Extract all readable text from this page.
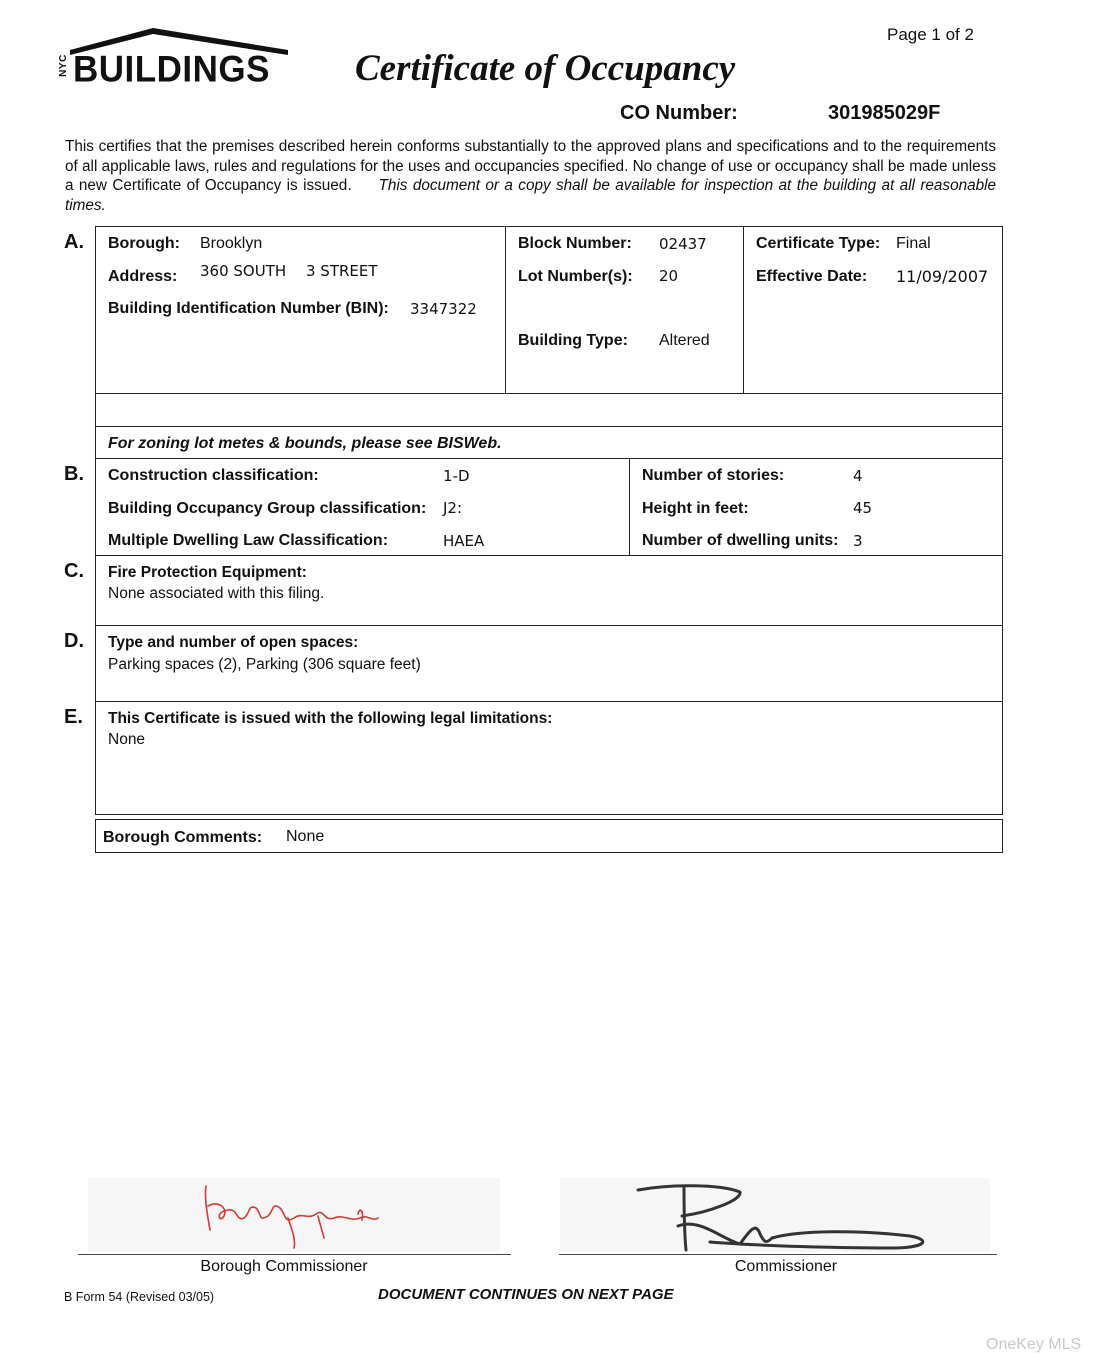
NYC BUILDINGS Certificate of Occupancy
Page 1 of 2
CO Number:	301985029F
This certifies that the premises described herein conforms substantially to the approved plans and specifications and to the requirements of all applicable laws, rules and regulations for the uses and occupancies specified. No change of use or occupancy shall be made unless a new Certificate of Occupancy is issued. This document or a copy shall be available for inspection at the building at all reasonable times.
A. Borough: Brooklyn
Address: 360 SOUTH 3 STREET
Building Identification Number (BIN): 3347322
Block Number: 02437
Lot Number(s): 20
Building Type: Altered
Certificate Type: Final
Effective Date: 11/09/2007
For zoning lot metes & bounds, please see BISWeb.
B. Construction classification:	1-D
Building Occupancy Group classification: J2:
Multiple Dwelling Law Classification:	HAEA
Number of stories:	4
Height in feet:	45
Number of dwelling units: 3
C. Fire Protection Equipment:
None associated with this filing.
D. Type and number of open spaces:
Parking spaces (2), Parking (306 square feet)
E. This Certificate is issued with the following legal limitations:
None
Borough Comments: None
Borough Commissioner	Commissioner
B Form 54 (Revised 03/05)	DOCUMENT CONTINUES ON NEXT PAGE
OneKey MLS
